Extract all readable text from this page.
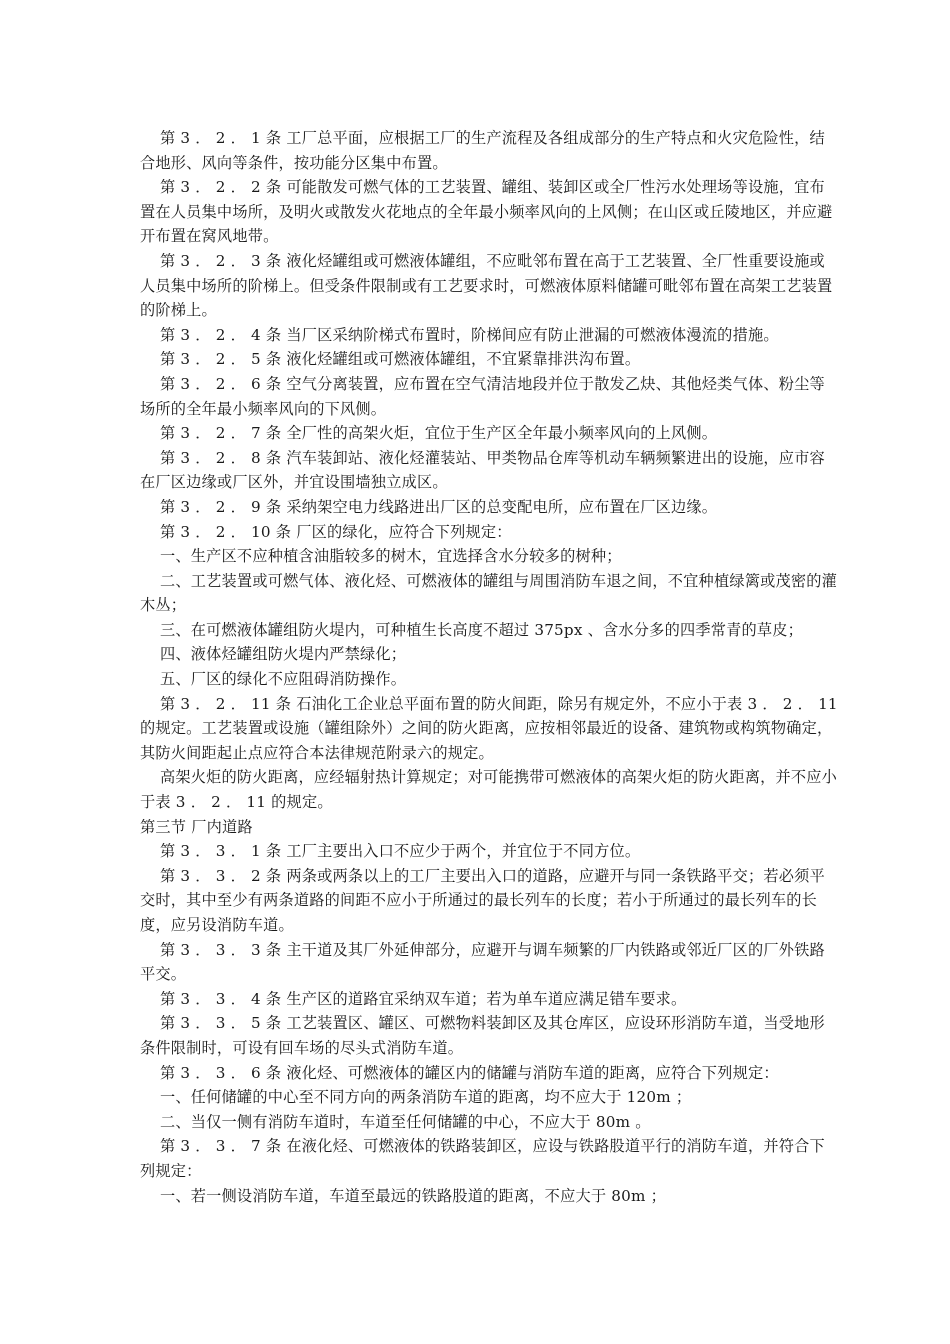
第 3 ． 2 ． 1 条 工厂总平面，应根据工厂的生产流程及各组成部分的生产特点和火灾危险性，结合地形、风向等条件，按功能分区集中布置。

第 3 ． 2 ． 2 条 可能散发可燃气体的工艺装置、罐组、装卸区或全厂性污水处理场等设施，宜布置在人员集中场所，及明火或散发火花地点的全年最小频率风向的上风侧；在山区或丘陵地区，并应避开布置在窝风地带。

第 3 ． 2 ． 3 条 液化烃罐组或可燃液体罐组，不应毗邻布置在高于工艺装置、全厂性重要设施或人员集中场所的阶梯上。但受条件限制或有工艺要求时，可燃液体原料储罐可毗邻布置在高架工艺装置的阶梯上。

第 3 ． 2 ． 4 条 当厂区采纳阶梯式布置时，阶梯间应有防止泄漏的可燃液体漫流的措施。

第 3 ． 2 ． 5 条 液化烃罐组或可燃液体罐组，不宜紧靠排洪沟布置。

第 3 ． 2 ． 6 条 空气分离装置，应布置在空气清洁地段并位于散发乙炔、其他烃类气体、粉尘等场所的全年最小频率风向的下风侧。

第 3 ． 2 ． 7 条 全厂性的高架火炬，宜位于生产区全年最小频率风向的上风侧。

第 3 ． 2 ． 8 条 汽车装卸站、液化烃灌装站、甲类物品仓库等机动车辆频繁进出的设施，应市容在厂区边缘或厂区外，并宜设围墙独立成区。

第 3 ． 2 ． 9 条 采纳架空电力线路进出厂区的总变配电所，应布置在厂区边缘。

第 3 ． 2 ． 10 条 厂区的绿化，应符合下列规定：

一、生产区不应种植含油脂较多的树木，宜选择含水分较多的树种；

二、工艺装置或可燃气体、液化烃、可燃液体的罐组与周围消防车退之间，不宜种植绿篱或茂密的灌木丛；

三、在可燃液体罐组防火堤内，可种植生长高度不超过 375px 、含水分多的四季常青的草皮；

四、液体烃罐组防火堤内严禁绿化；

五、厂区的绿化不应阻碍消防操作。

第 3 ． 2 ． 11 条 石油化工企业总平面布置的防火间距，除另有规定外，不应小于表 3 ． 2 ． 11 的规定。工艺装置或设施（罐组除外）之间的防火距离，应按相邻最近的设备、建筑物或构筑物确定，其防火间距起止点应符合本法律规范附录六的规定。

高架火炬的防火距离，应经辐射热计算规定；对可能携带可燃液体的高架火炬的防火距离，并不应小于表 3 ． 2 ． 11 的规定。

第三节 厂内道路

第 3 ． 3 ． 1 条 工厂主要出入口不应少于两个，并宜位于不同方位。

第 3 ． 3 ． 2 条 两条或两条以上的工厂主要出入口的道路，应避开与同一条铁路平交；若必须平交时，其中至少有两条道路的间距不应小于所通过的最长列车的长度；若小于所通过的最长列车的长度，应另设消防车道。

第 3 ． 3 ． 3 条 主干道及其厂外延伸部分，应避开与调车频繁的厂内铁路或邻近厂区的厂外铁路平交。

第 3 ． 3 ． 4 条 生产区的道路宜采纳双车道；若为单车道应满足错车要求。

第 3 ． 3 ． 5 条 工艺装置区、罐区、可燃物料装卸区及其仓库区，应设环形消防车道，当受地形条件限制时，可设有回车场的尽头式消防车道。

第 3 ． 3 ． 6 条 液化烃、可燃液体的罐区内的储罐与消防车道的距离，应符合下列规定：

一、任何储罐的中心至不同方向的两条消防车道的距离，均不应大于 120m ；

二、当仅一侧有消防车道时，车道至任何储罐的中心，不应大于 80m 。

第 3 ． 3 ． 7 条 在液化烃、可燃液体的铁路装卸区，应设与铁路股道平行的消防车道，并符合下列规定：

一、若一侧设消防车道，车道至最远的铁路股道的距离，不应大于 80m ；
